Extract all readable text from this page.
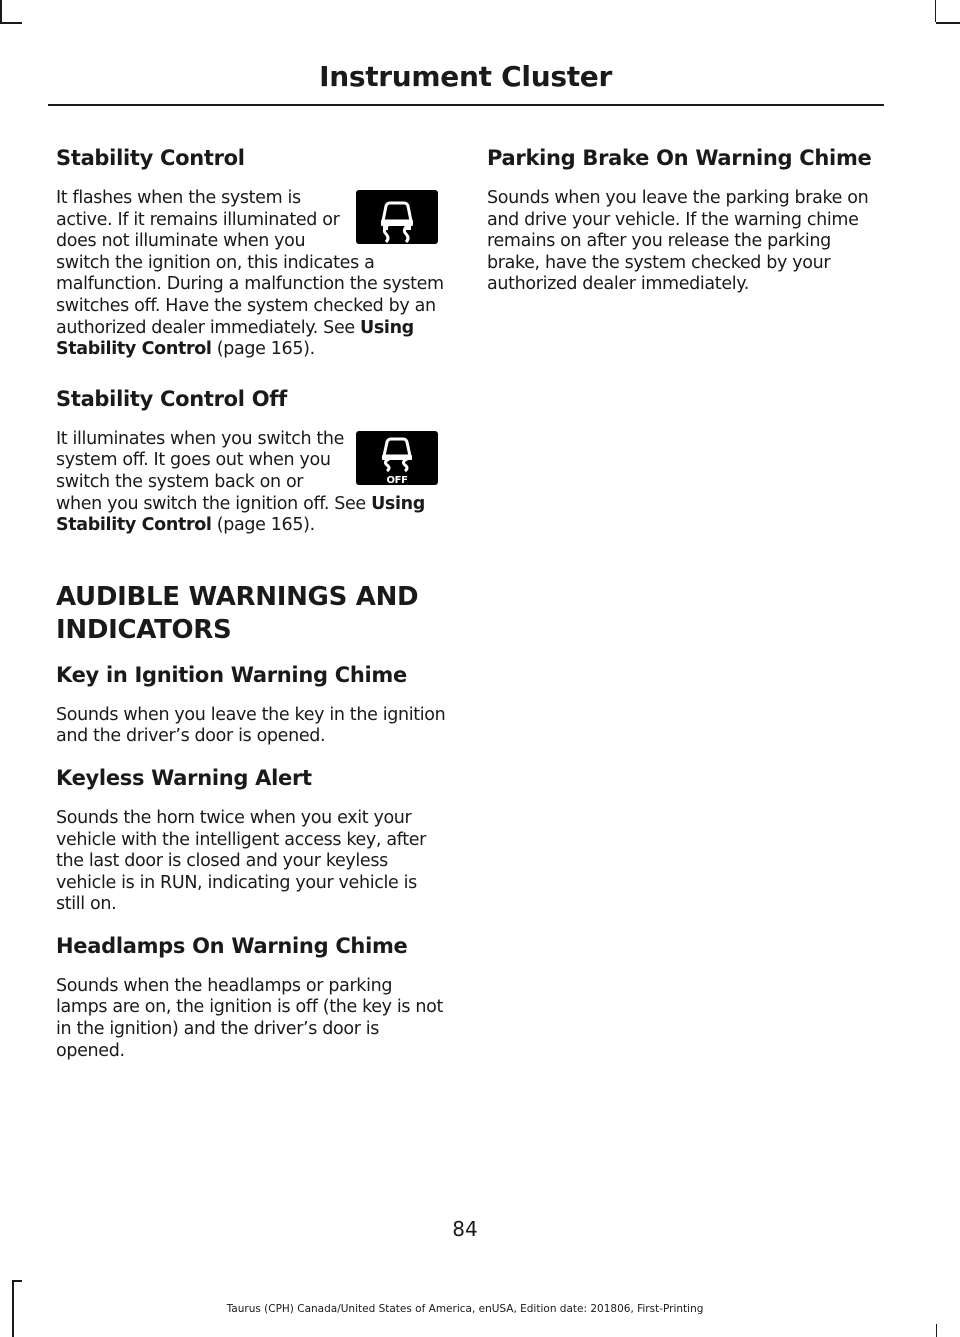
Instrument Cluster
Stability Control

It flashes when the system is active. If it remains illuminated or does not illuminate when you switch the ignition on, this indicates a malfunction. During a malfunction the system switches off. Have the system checked by an authorized dealer immediately. See Using Stability Control (page 165).

Stability Control Off

OFF
It illuminates when you switch the system off. It goes out when you switch the system back on or when you switch the ignition off. See Using Stability Control (page 165).

AUDIBLE WARNINGS AND INDICATORS
Key in Ignition Warning Chime

Sounds when you leave the key in the ignition and the driver’s door is opened.

Keyless Warning Alert

Sounds the horn twice when you exit your vehicle with the intelligent access key, after the last door is closed and your keyless vehicle is in RUN, indicating your vehicle is still on.

Headlamps On Warning Chime

Sounds when the headlamps or parking lamps are on, the ignition is off (the key is not in the ignition) and the driver’s door is opened.

Parking Brake On Warning Chime

Sounds when you leave the parking brake on and drive your vehicle. If the warning chime remains on after you release the parking brake, have the system checked by your authorized dealer immediately.

84
Taurus (CPH) Canada/United States of America, enUSA, Edition date: 201806, First-Printing
